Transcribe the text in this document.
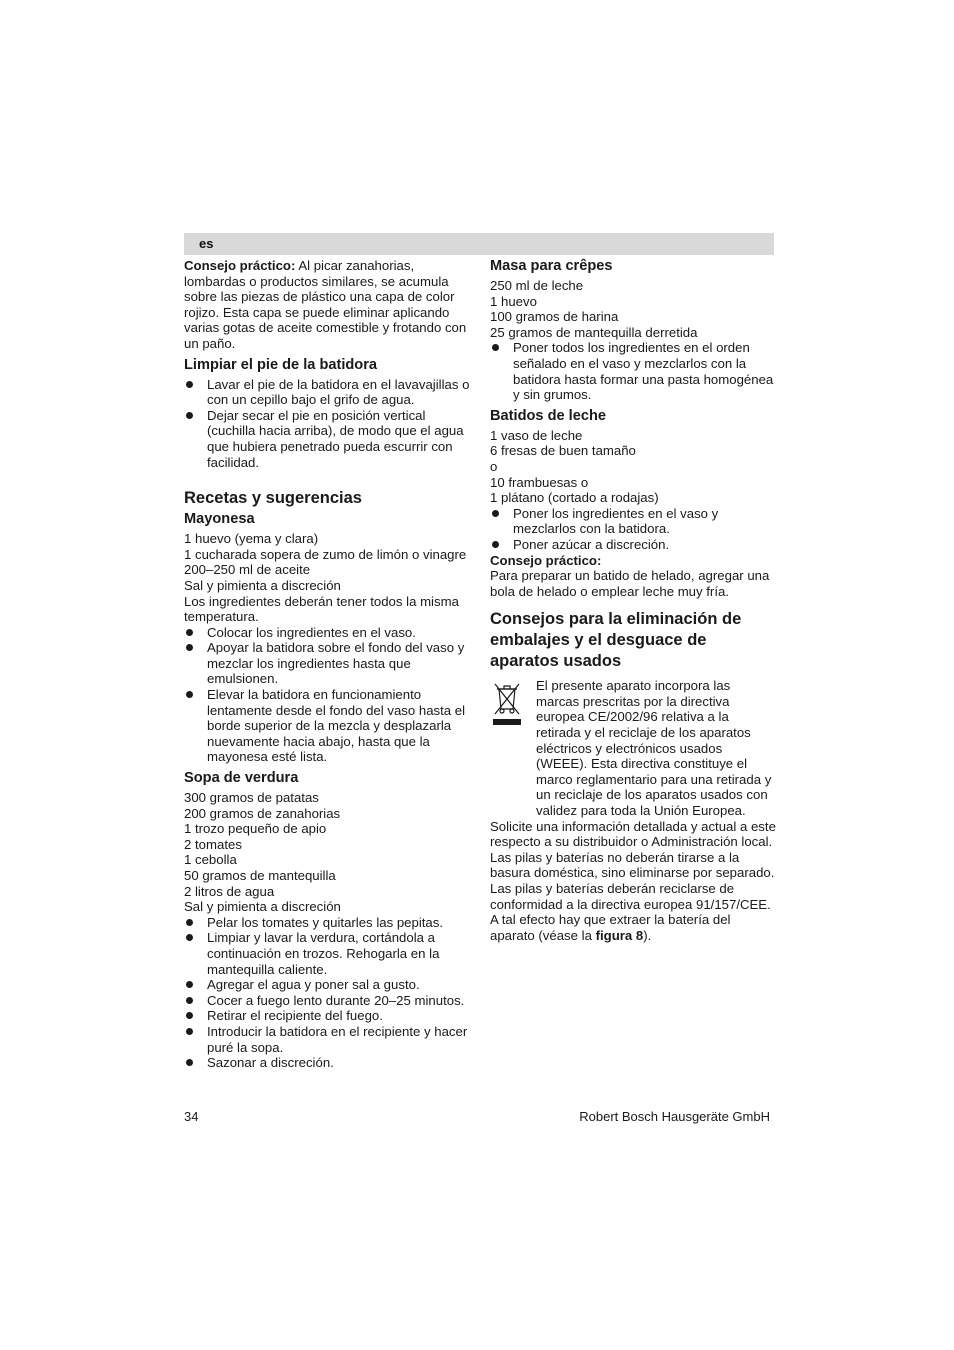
es

Consejo práctico: Al picar zanahorias, lombardas o productos similares, se acumula sobre las piezas de plástico una capa de color rojizo. Esta capa se puede eliminar aplicando varias gotas de aceite comestible y frotando con un paño.

Limpiar el pie de la batidora
Lavar el pie de la batidora en el lavavajillas o con un cepillo bajo el grifo de agua.
Dejar secar el pie en posición vertical (cuchilla hacia arriba), de modo que el agua que hubiera penetrado pueda escurrir con facilidad.
Recetas y sugerencias
Mayonesa
1 huevo (yema y clara)
1 cucharada sopera de zumo de limón o vinagre
200–250 ml de aceite
Sal y pimienta a discreción
Los ingredientes deberán tener todos la misma temperatura.
Colocar los ingredientes en el vaso.
Apoyar la batidora sobre el fondo del vaso y mezclar los ingredientes hasta que emulsionen.
Elevar la batidora en funcionamiento lentamente desde el fondo del vaso hasta el borde superior de la mezcla y desplazarla nuevamente hacia abajo, hasta que la mayonesa esté lista.
Sopa de verdura
300 gramos de patatas
200 gramos de zanahorias
1 trozo pequeño de apio
2 tomates
1 cebolla
50 gramos de mantequilla
2 litros de agua
Sal y pimienta a discreción
Pelar los tomates y quitarles las pepitas.
Limpiar y lavar la verdura, cortándola a continuación en trozos. Rehogarla en la mantequilla caliente.
Agregar el agua y poner sal a gusto.
Cocer a fuego lento durante 20–25 minutos.
Retirar el recipiente del fuego.
Introducir la batidora en el recipiente y hacer puré la sopa.
Sazonar a discreción.
Masa para crêpes
250 ml de leche
1 huevo
100 gramos de harina
25 gramos de mantequilla derretida
Poner todos los ingredientes en el orden señalado en el vaso y mezclarlos con la batidora hasta formar una pasta homogénea y sin grumos.
Batidos de leche
1 vaso de leche
6 fresas de buen tamaño
o
10 frambuesas o
1 plátano (cortado a rodajas)
Poner los ingredientes en el vaso y mezclarlos con la batidora.
Poner azúcar a discreción.
Consejo práctico:
Para preparar un batido de helado, agregar una bola de helado o emplear leche muy fría.
Consejos para la eliminación de embalajes y el desguace de aparatos usados
El presente aparato incorpora las marcas prescritas por la directiva europea CE/2002/96 relativa a la retirada y el reciclaje de los aparatos eléctricos y electrónicos usados (WEEE). Esta directiva constituye el marco reglamentario para una retirada y un reciclaje de los aparatos usados con validez para toda la Unión Europea.
Solicite una información detallada y actual a este respecto a su distribuidor o Administración local.
Las pilas y baterías no deberán tirarse a la basura doméstica, sino eliminarse por separado.
Las pilas y baterías deberán reciclarse de conformidad a la directiva europea 91/157/CEE.
A tal efecto hay que extraer la batería del aparato (véase la figura 8).
34	Robert Bosch Hausgeräte GmbH
